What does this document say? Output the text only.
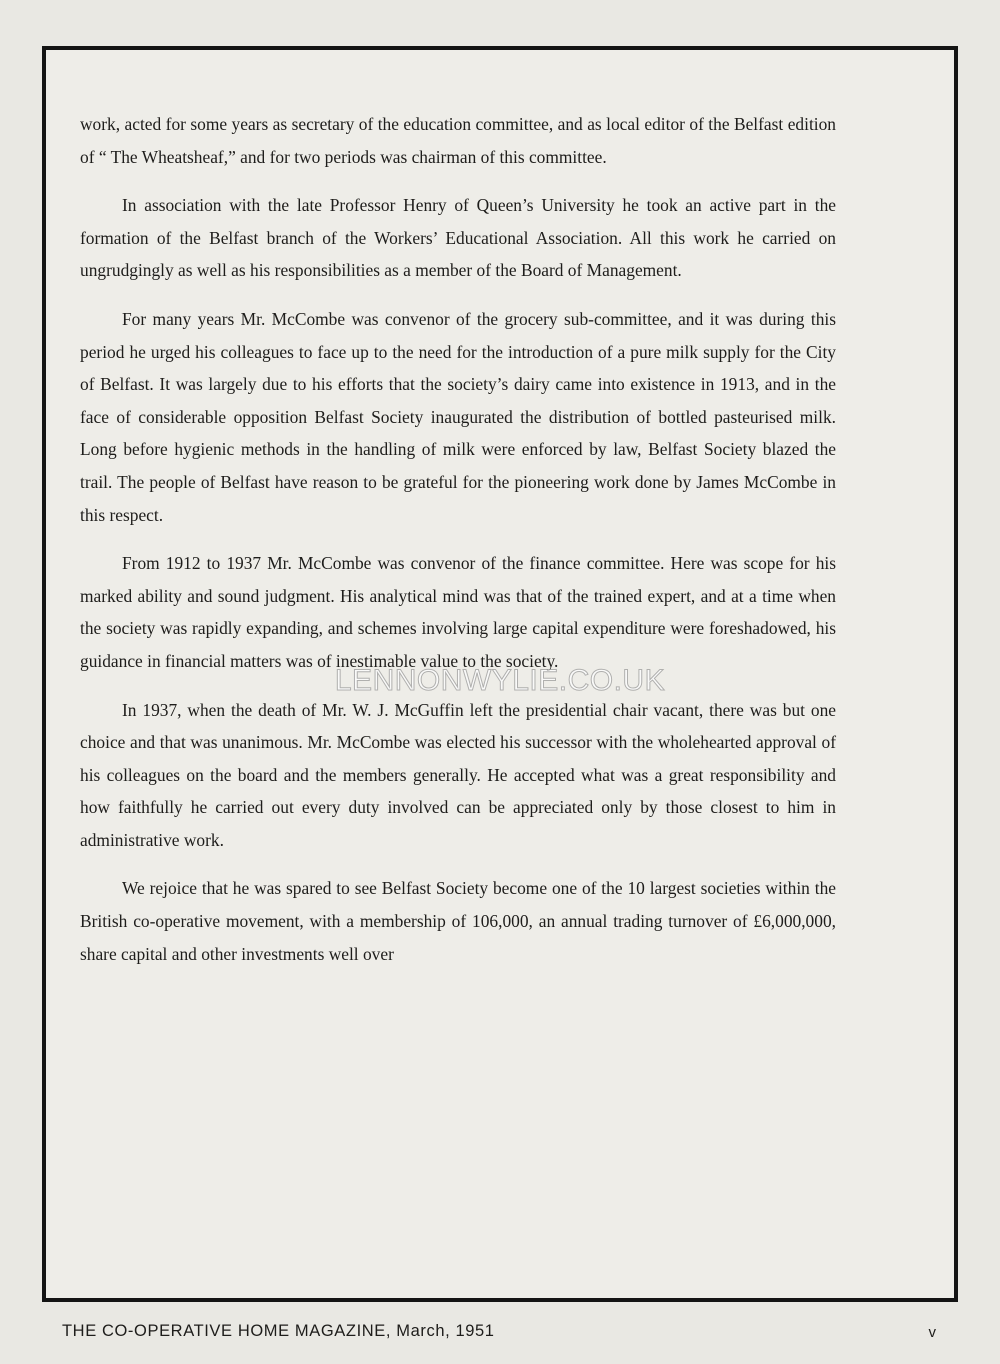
work, acted for some years as secretary of the education committee, and as local editor of the Belfast edition of “ The Wheatsheaf,” and for two periods was chairman of this committee.

In association with the late Professor Henry of Queen’s University he took an active part in the formation of the Belfast branch of the Workers’ Educational Association. All this work he carried on ungrudgingly as well as his responsibilities as a member of the Board of Management.

For many years Mr. McCombe was convenor of the grocery sub-committee, and it was during this period he urged his colleagues to face up to the need for the introduction of a pure milk supply for the City of Belfast. It was largely due to his efforts that the society’s dairy came into existence in 1913, and in the face of considerable opposition Belfast Society inaugurated the distribution of bottled pasteurised milk. Long before hygienic methods in the handling of milk were enforced by law, Belfast Society blazed the trail. The people of Belfast have reason to be grateful for the pioneering work done by James McCombe in this respect.

From 1912 to 1937 Mr. McCombe was convenor of the finance committee. Here was scope for his marked ability and sound judgment. His analytical mind was that of the trained expert, and at a time when the society was rapidly expanding, and schemes involving large capital expenditure were foreshadowed, his guidance in financial matters was of inestimable value to the society.

In 1937, when the death of Mr. W. J. McGuffin left the presidential chair vacant, there was but one choice and that was unanimous. Mr. McCombe was elected his successor with the wholehearted approval of his colleagues on the board and the members generally. He accepted what was a great responsibility and how faithfully he carried out every duty involved can be appreciated only by those closest to him in administrative work.

We rejoice that he was spared to see Belfast Society become one of the 10 largest societies within the British co-operative movement, with a membership of 106,000, an annual trading turnover of £6,000,000, share capital and other investments well over

LENNONWYLIE.CO.UK
THE CO-OPERATIVE HOME MAGAZINE, March, 1951	v
